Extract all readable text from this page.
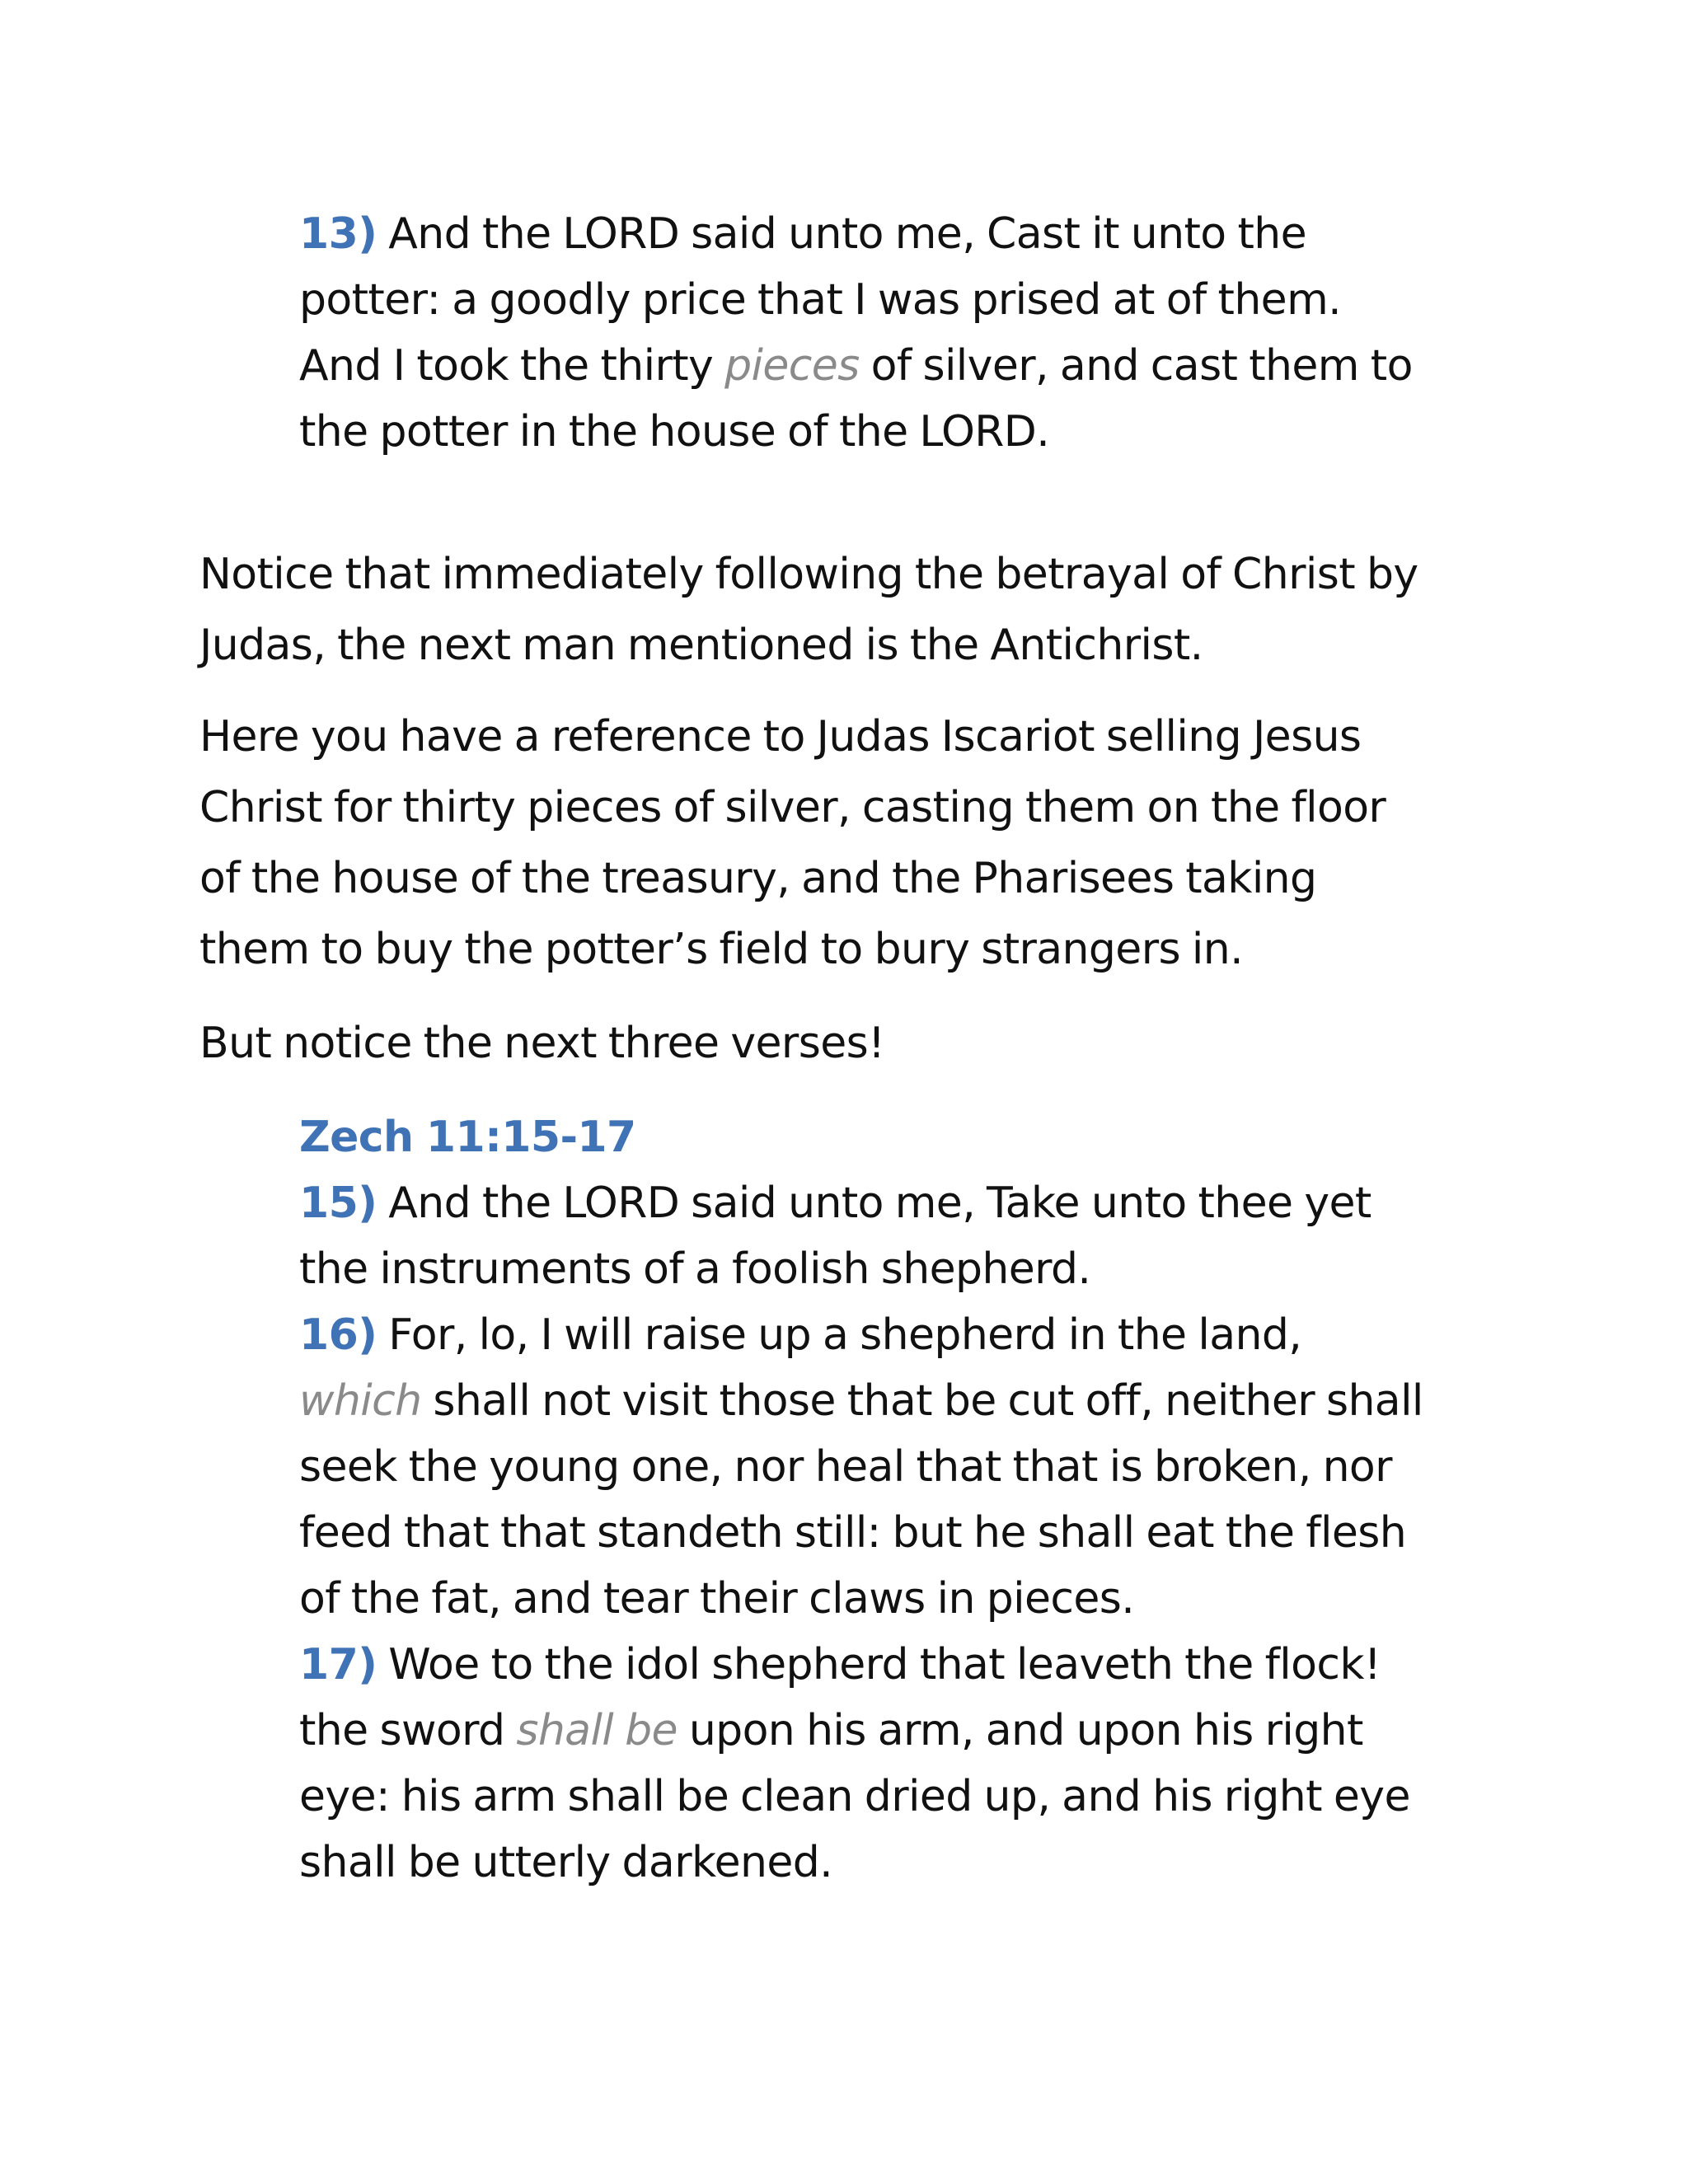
13) And the LORD said unto me, Cast it unto the
potter: a goodly price that I was prised at of them.
And I took the thirty pieces of silver, and cast them to
the potter in the house of the LORD.
Notice that immediately following the betrayal of Christ by
Judas, the next man mentioned is the Antichrist.
Here you have a reference to Judas Iscariot selling Jesus
Christ for thirty pieces of silver, casting them on the floor
of the house of the treasury, and the Pharisees taking
them to buy the potter’s field to bury strangers in.
But notice the next three verses!
Zech 11:15-17
15) And the LORD said unto me, Take unto thee yet
the instruments of a foolish shepherd.
16) For, lo, I will raise up a shepherd in the land,
which shall not visit those that be cut off, neither shall
seek the young one, nor heal that that is broken, nor
feed that that standeth still: but he shall eat the flesh
of the fat, and tear their claws in pieces.
17) Woe to the idol shepherd that leaveth the flock!
the sword shall be upon his arm, and upon his right
eye: his arm shall be clean dried up, and his right eye
shall be utterly darkened.
